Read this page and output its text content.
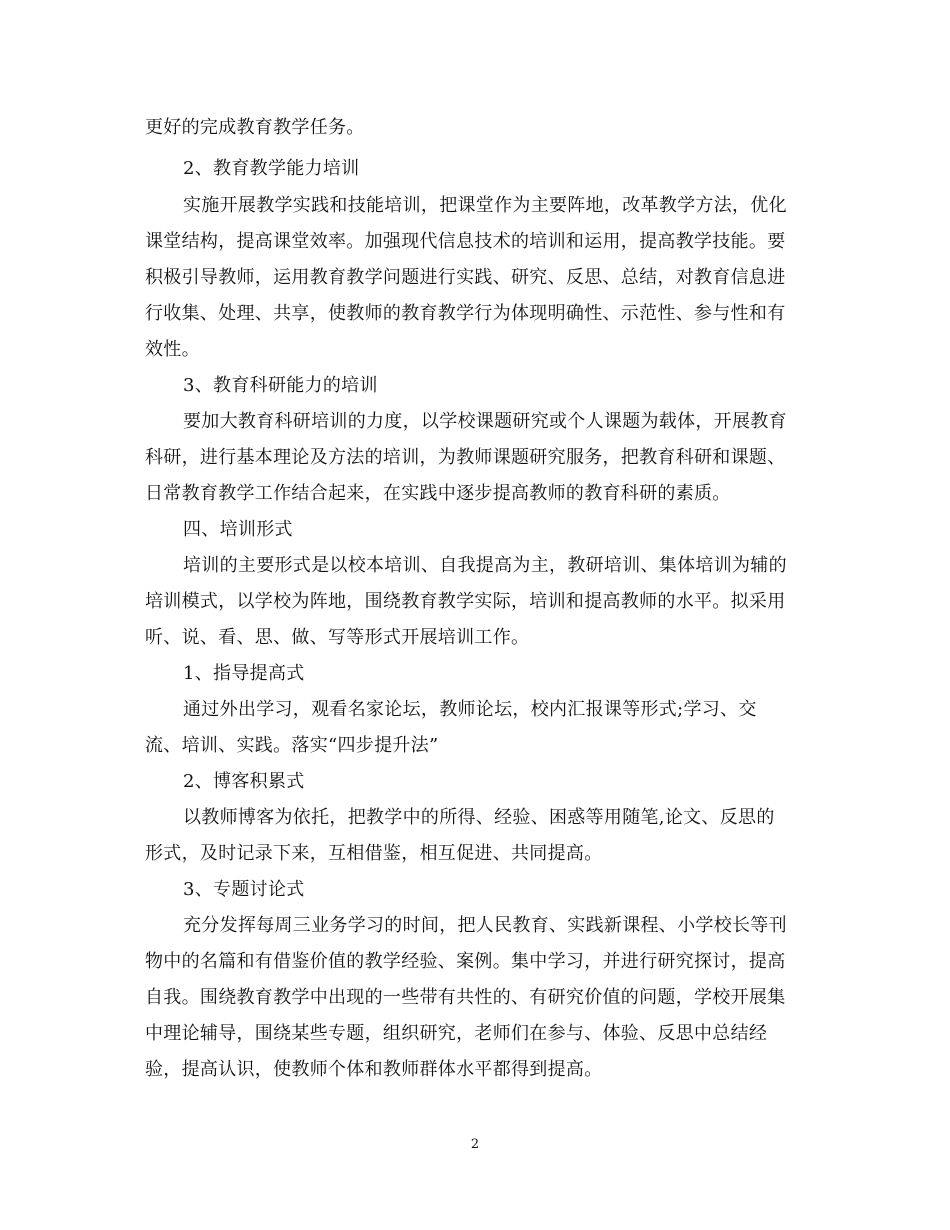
更好的完成教育教学任务。
2、教育教学能力培训
实施开展教学实践和技能培训，把课堂作为主要阵地，改革教学方法，优化
课堂结构，提高课堂效率。加强现代信息技术的培训和运用，提高教学技能。要
积极引导教师，运用教育教学问题进行实践、研究、反思、总结，对教育信息进
行收集、处理、共享，使教师的教育教学行为体现明确性、示范性、参与性和有
效性。
3、教育科研能力的培训
要加大教育科研培训的力度，以学校课题研究或个人课题为载体，开展教育
科研，进行基本理论及方法的培训，为教师课题研究服务，把教育科研和课题、
日常教育教学工作结合起来，在实践中逐步提高教师的教育科研的素质。
四、培训形式
培训的主要形式是以校本培训、自我提高为主，教研培训、集体培训为辅的
培训模式，以学校为阵地，围绕教育教学实际，培训和提高教师的水平。拟采用
听、说、看、思、做、写等形式开展培训工作。
1、指导提高式
通过外出学习，观看名家论坛，教师论坛，校内汇报课等形式;学习、交
流、培训、实践。落实“四步提升法”
2、博客积累式
以教师博客为依托，把教学中的所得、经验、困惑等用随笔,论文、反思的
形式，及时记录下来，互相借鉴，相互促进、共同提高。
3、专题讨论式
充分发挥每周三业务学习的时间，把人民教育、实践新课程、小学校长等刊
物中的名篇和有借鉴价值的教学经验、案例。集中学习，并进行研究探讨，提高
自我。围绕教育教学中出现的一些带有共性的、有研究价值的问题，学校开展集
中理论辅导，围绕某些专题，组织研究，老师们在参与、体验、反思中总结经
验，提高认识，使教师个体和教师群体水平都得到提高。
2
